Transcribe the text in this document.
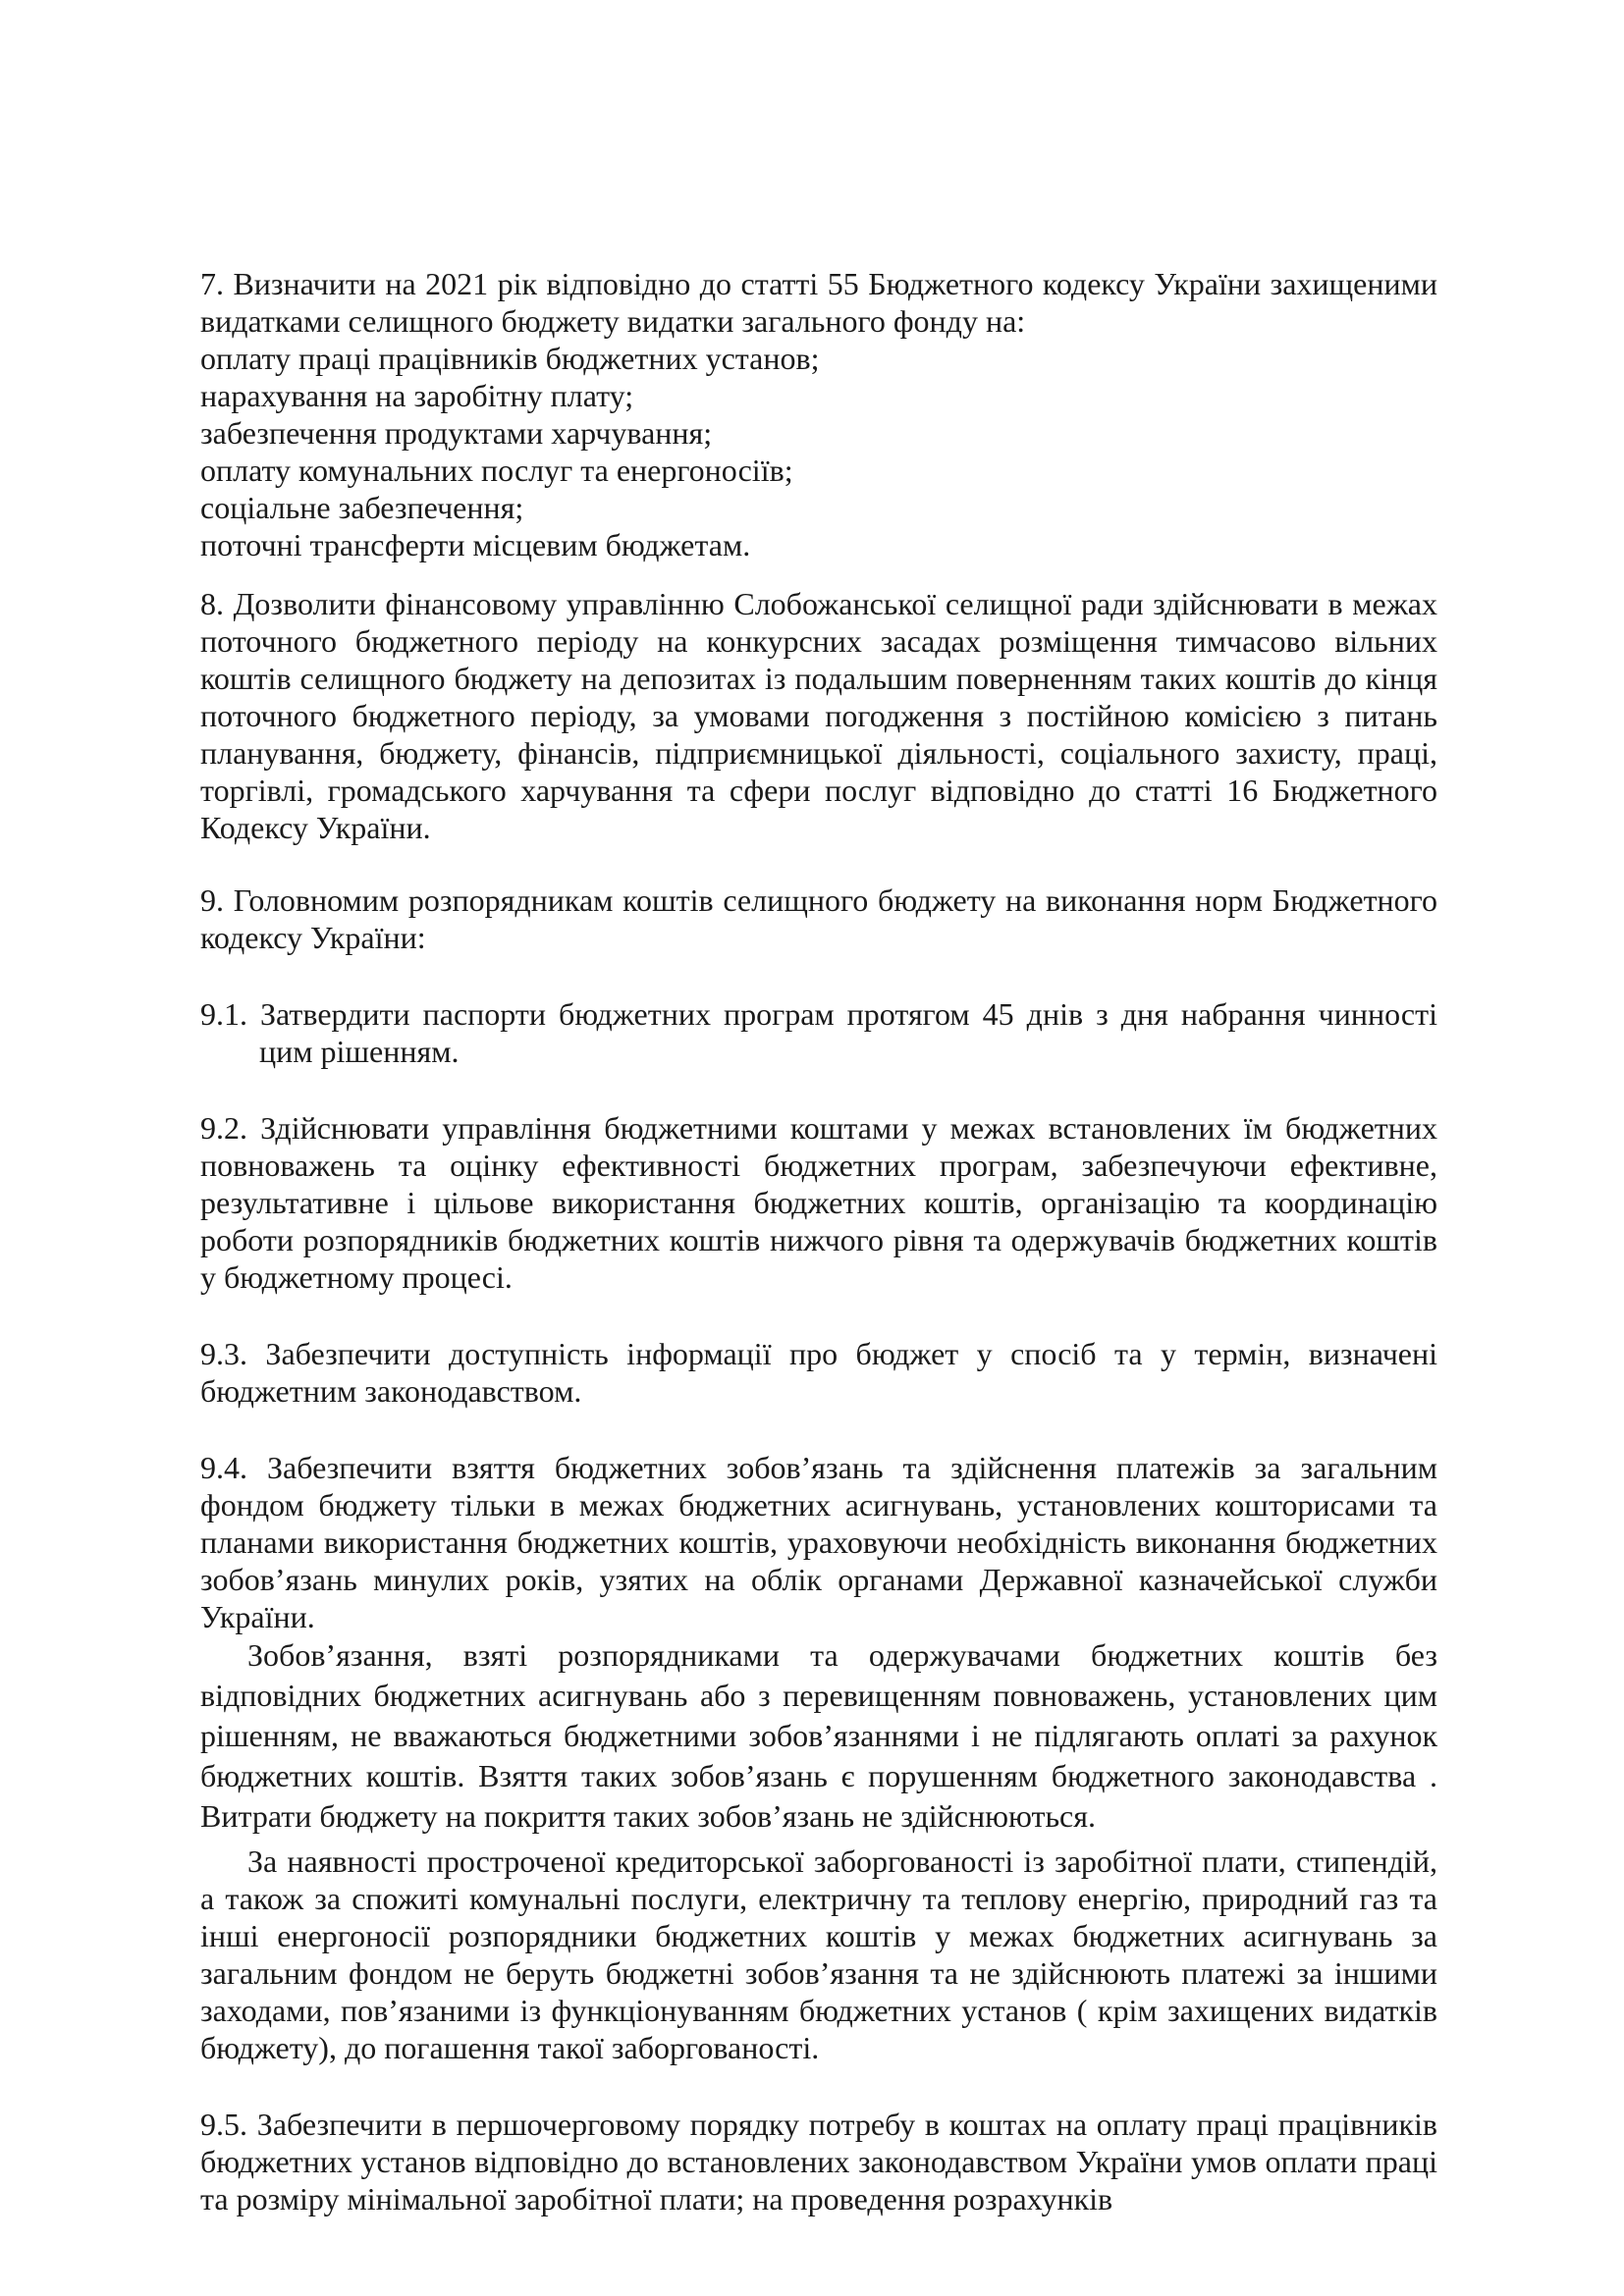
7. Визначити на 2021 рік відповідно до статті 55 Бюджетного кодексу України захищеними видатками селищного бюджету видатки загального фонду на:

оплату праці працівників бюджетних установ;

нарахування на заробітну плату;

забезпечення продуктами харчування;

оплату комунальних послуг та енергоносіїв;

соціальне забезпечення;

поточні трансферти місцевим бюджетам.

8. Дозволити фінансовому управлінню Слобожанської селищної ради здійснювати в межах поточного бюджетного періоду на конкурсних засадах розміщення тимчасово вільних коштів селищного бюджету на депозитах із подальшим поверненням таких коштів до кінця поточного бюджетного періоду, за умовами погодження з постійною комісією з питань планування, бюджету, фінансів, підприємницької діяльності, соціального захисту, праці, торгівлі, громадського харчування та сфери послуг відповідно до статті 16 Бюджетного Кодексу України.

9. Головномим розпорядникам коштів селищного бюджету на виконання норм Бюджетного кодексу України:

9.1. Затвердити паспорти бюджетних програм протягом 45 днів з дня набрання чинності цим рішенням.

9.2. Здійснювати управління бюджетними коштами у межах встановлених їм бюджетних повноважень та оцінку ефективності бюджетних програм, забезпечуючи ефективне, результативне і цільове використання бюджетних коштів, організацію та координацію роботи розпорядників бюджетних коштів нижчого рівня та одержувачів бюджетних коштів у бюджетному процесі.

9.3. Забезпечити доступність інформації про бюджет у спосіб та у термін, визначені бюджетним законодавством.

9.4. Забезпечити взяття бюджетних зобов’язань та здійснення платежів за загальним фондом бюджету тільки в межах бюджетних асигнувань, установлених кошторисами та планами використання бюджетних коштів, ураховуючи необхідність виконання бюджетних зобов’язань минулих років, узятих на облік органами Державної казначейської служби України.

Зобов’язання, взяті розпорядниками та одержувачами бюджетних коштів без відповідних бюджетних асигнувань або з перевищенням повноважень, установлених цим рішенням, не вважаються бюджетними зобов’язаннями і не підлягають оплаті за рахунок бюджетних коштів. Взяття таких зобов’язань є порушенням бюджетного законодавства . Витрати бюджету на покриття таких зобов’язань не здійснюються.

За наявності простроченої кредиторської заборгованості із заробітної плати, стипендій, а також за спожиті комунальні послуги, електричну та теплову енергію, природний газ та інші енергоносії розпорядники бюджетних коштів у межах бюджетних асигнувань за загальним фондом не беруть бюджетні зобов’язання та не здійснюють платежі за іншими заходами, пов’язаними із функціонуванням бюджетних установ ( крім захищених видатків бюджету), до погашення такої заборгованості.

9.5. Забезпечити в першочерговому порядку потребу в коштах на оплату праці працівників бюджетних установ відповідно до встановлених законодавством України умов оплати праці та розміру мінімальної заробітної плати; на проведення розрахунків
